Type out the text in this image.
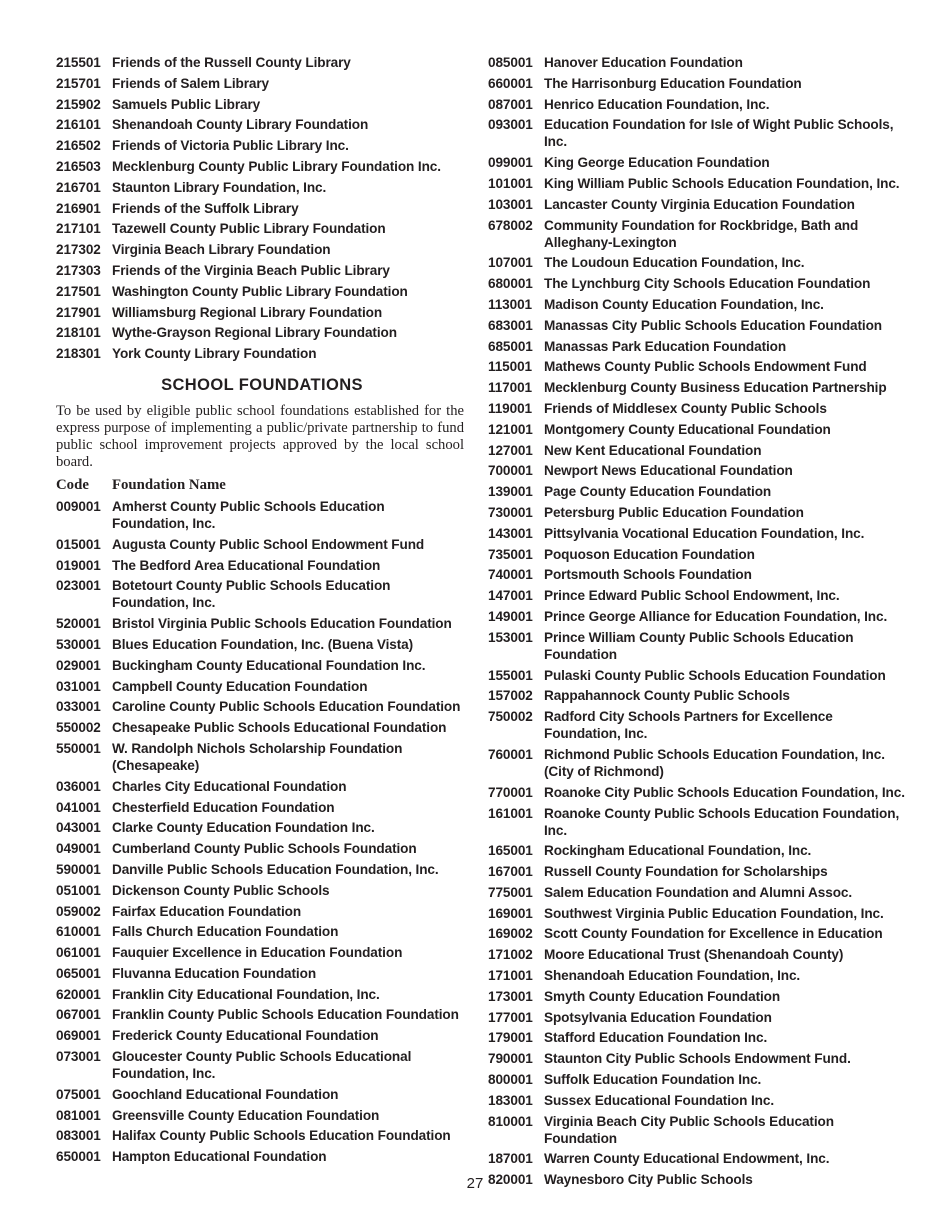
215501 Friends of the Russell County Library
215701 Friends of Salem Library
215902 Samuels Public Library
216101 Shenandoah County Library Foundation
216502 Friends of Victoria Public Library Inc.
216503 Mecklenburg County Public Library Foundation Inc.
216701 Staunton Library Foundation, Inc.
216901 Friends of the Suffolk Library
217101 Tazewell County Public Library Foundation
217302 Virginia Beach Library Foundation
217303 Friends of the Virginia Beach Public Library
217501 Washington County Public Library Foundation
217901 Williamsburg Regional Library Foundation
218101 Wythe-Grayson Regional Library Foundation
218301 York County Library Foundation
SCHOOL FOUNDATIONS

To be used by eligible public school foundations established for the express purpose of implementing a public/private partnership to fund public school improvement projects approved by the local school board.

Code	Foundation Name
009001 Amherst County Public Schools Education Foundation, Inc.
015001 Augusta County Public School Endowment Fund
019001 The Bedford Area Educational Foundation
023001 Botetourt County Public Schools Education Foundation, Inc.
520001 Bristol Virginia Public Schools Education Foundation
530001 Blues Education Foundation, Inc. (Buena Vista)
029001 Buckingham County Educational Foundation Inc.
031001 Campbell County Education Foundation
033001 Caroline County Public Schools Education Foundation
550002 Chesapeake Public Schools Educational Foundation
550001 W. Randolph Nichols Scholarship Foundation (Chesapeake)
036001 Charles City Educational Foundation
041001 Chesterfield Education Foundation
043001 Clarke County Education Foundation Inc.
049001 Cumberland County Public Schools Foundation
590001 Danville Public Schools Education Foundation, Inc.
051001 Dickenson County Public Schools
059002 Fairfax Education Foundation
610001 Falls Church Education Foundation
061001 Fauquier Excellence in Education Foundation
065001 Fluvanna Education Foundation
620001 Franklin City Educational Foundation, Inc.
067001 Franklin County Public Schools Education Foundation
069001 Frederick County Educational Foundation
073001 Gloucester County Public Schools Educational Foundation, Inc.
075001 Goochland Educational Foundation
081001 Greensville County Education Foundation
083001 Halifax County Public Schools Education Foundation
650001 Hampton Educational Foundation
085001 Hanover Education Foundation
660001 The Harrisonburg Education Foundation
087001 Henrico Education Foundation, Inc.
093001 Education Foundation for Isle of Wight Public Schools, Inc.
099001 King George Education Foundation
101001 King William Public Schools Education Foundation, Inc.
103001 Lancaster County Virginia Education Foundation
678002 Community Foundation for Rockbridge, Bath and Alleghany-Lexington
107001 The Loudoun Education Foundation, Inc.
680001 The Lynchburg City Schools Education Foundation
113001 Madison County Education Foundation, Inc.
683001 Manassas City Public Schools Education Foundation
685001 Manassas Park Education Foundation
115001 Mathews County Public Schools Endowment Fund
117001 Mecklenburg County Business Education Partnership
119001 Friends of Middlesex County Public Schools
121001 Montgomery County Educational Foundation
127001 New Kent Educational Foundation
700001 Newport News Educational Foundation
139001 Page County Education Foundation
730001 Petersburg Public Education Foundation
143001 Pittsylvania Vocational Education Foundation, Inc.
735001 Poquoson Education Foundation
740001 Portsmouth Schools Foundation
147001 Prince Edward Public School Endowment, Inc.
149001 Prince George Alliance for Education Foundation, Inc.
153001 Prince William County Public Schools Education Foundation
155001 Pulaski County Public Schools Education Foundation
157002 Rappahannock County Public Schools
750002 Radford City Schools Partners for Excellence Foundation, Inc.
760001 Richmond Public Schools Education Foundation, Inc. (City of Richmond)
770001 Roanoke City Public Schools Education Foundation, Inc.
161001 Roanoke County Public Schools Education Foundation, Inc.
165001 Rockingham Educational Foundation, Inc.
167001 Russell County Foundation for Scholarships
775001 Salem Education Foundation and Alumni Assoc.
169001 Southwest Virginia Public Education Foundation, Inc.
169002 Scott County Foundation for Excellence in Education
171002 Moore Educational Trust (Shenandoah County)
171001 Shenandoah Education Foundation, Inc.
173001 Smyth County Education Foundation
177001 Spotsylvania Education Foundation
179001 Stafford Education Foundation Inc.
790001 Staunton City Public Schools Endowment Fund.
800001 Suffolk Education Foundation Inc.
183001 Sussex Educational Foundation Inc.
810001 Virginia Beach City Public Schools Education Foundation
187001 Warren County Educational Endowment, Inc.
820001 Waynesboro City Public Schools
27
